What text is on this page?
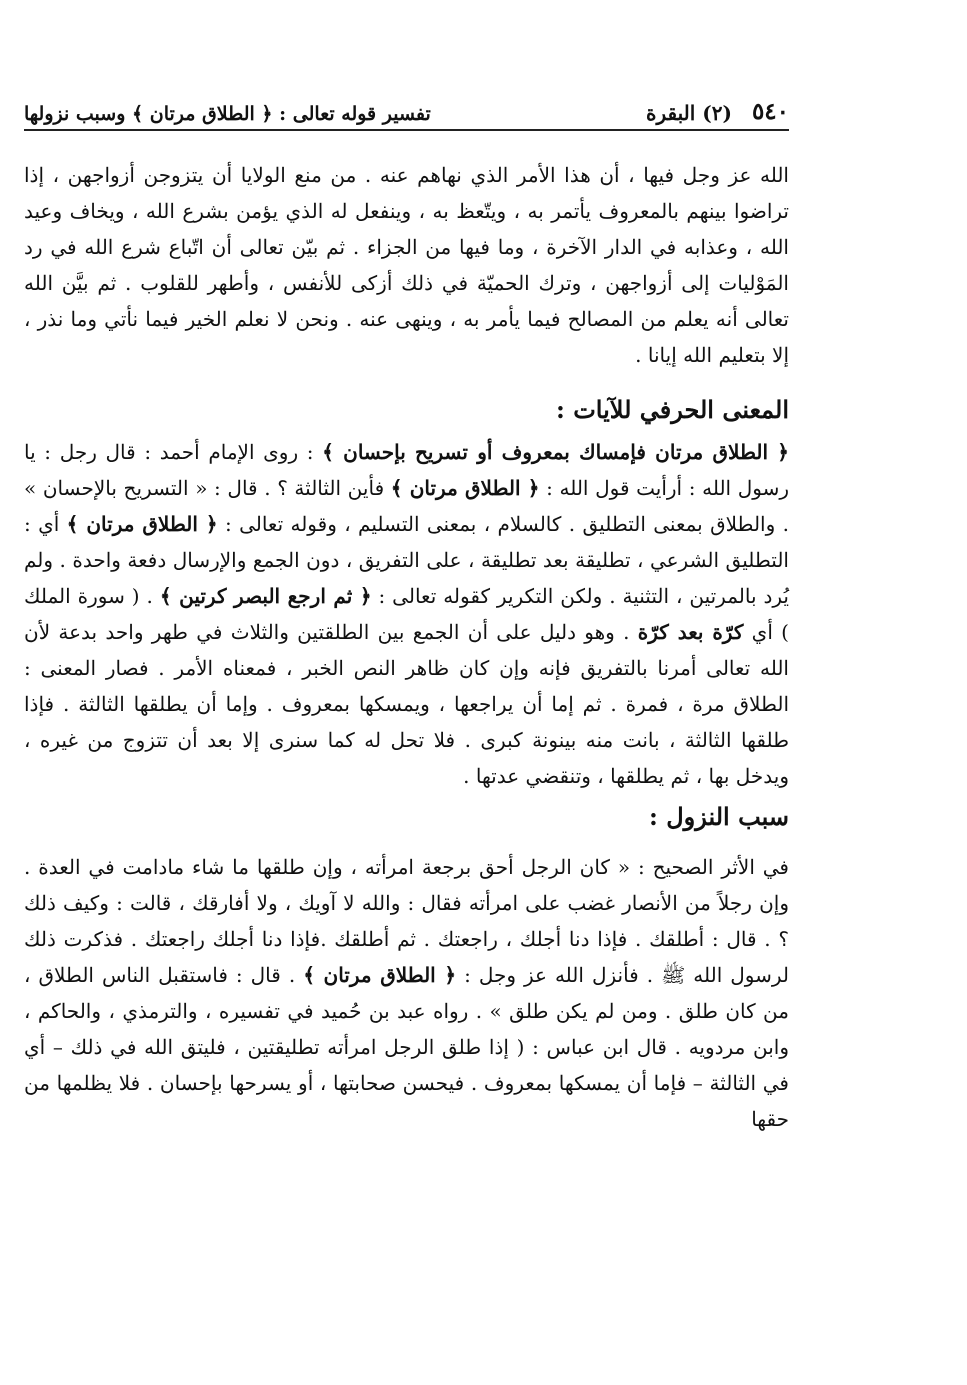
٥٤٠
(٢) البقرة
تفسير قوله تعالى : ﴿ الطلاق مرتان ﴾ وسبب نزولها

الله عز وجل فيها ، أن هذا الأمر الذي نهاهم عنه . من منع الولايا أن يتزوجن أزواجهن ، إذا تراضوا بينهم بالمعروف يأتمر به ، ويتّعظ به ، وينفعل له الذي يؤمن بشرع الله ، ويخاف وعيد الله ، وعذابه في الدار الآخرة ، وما فيها من الجزاء . ثم بيّن تعالى أن اتّباع شرع الله في رد المَوْليات إلى أزواجهن ، وترك الحميّة في ذلك أزكى للأنفس ، وأطهر للقلوب . ثم بيَّن الله تعالى أنه يعلم من المصالح فيما يأمر به ، وينهى عنه . ونحن لا نعلم الخير فيما نأتي وما نذر ، إلا بتعليم الله إيانا .

المعنى الحرفي للآيات :

﴿ الطلاق مرتان فإمساك بمعروف أو تسريح بإحسان ﴾ : روى الإمام أحمد : قال رجل : يا رسول الله : أرأيت قول الله : ﴿ الطلاق مرتان ﴾ فأين الثالثة ؟ . قال : « التسريح بالإحسان » . والطلاق بمعنى التطليق . كالسلام ، بمعنى التسليم ، وقوله تعالى : ﴿ الطلاق مرتان ﴾ أي : التطليق الشرعي ، تطليقة بعد تطليقة ، على التفريق ، دون الجمع والإرسال دفعة واحدة . ولم يُرد بالمرتين ، التثنية . ولكن التكرير كقوله تعالى : ﴿ ثم ارجع البصر كرتين ﴾ . ( سورة الملك ) أي كرّة بعد كرّة . وهو دليل على أن الجمع بين الطلقتين والثلاث في طهر واحد بدعة لأن الله تعالى أمرنا بالتفريق فإنه وإن كان ظاهر النص الخبر ، فمعناه الأمر . فصار المعنى : الطلاق مرة ، فمرة . ثم إما أن يراجعها ، ويمسكها بمعروف . وإما أن يطلقها الثالثة . فإذا طلقها الثالثة ، بانت منه بينونة كبرى . فلا تحل له كما سنرى إلا بعد أن تتزوج من غيره ، ويدخل بها ، ثم يطلقها ، وتنقضي عدتها .

سبب النزول :

في الأثر الصحيح : « كان الرجل أحق برجعة امرأته ، وإن طلقها ما شاء مادامت في العدة . وإن رجلاً من الأنصار غضب على امرأته فقال : والله لا آويك ، ولا أفارقك ، قالت : وكيف ذلك ؟ . قال : أطلقك . فإذا دنا أجلك ، راجعتك . ثم أطلقك .فإذا دنا أجلك راجعتك . فذكرت ذلك لرسول الله ﷺ . فأنزل الله عز وجل : ﴿ الطلاق مرتان ﴾ . قال : فاستقبل الناس الطلاق ، من كان طلق . ومن لم يكن طلق » . رواه عبد بن حُميد في تفسيره ، والترمذي ، والحاكم ، وابن مردويه . قال ابن عباس : ( إذا طلق الرجل امرأته تطليقتين ، فليتق الله في ذلك – أي في الثالثة – فإما أن يمسكها بمعروف . فيحسن صحابتها ، أو يسرحها بإحسان . فلا يظلمها من حقها
